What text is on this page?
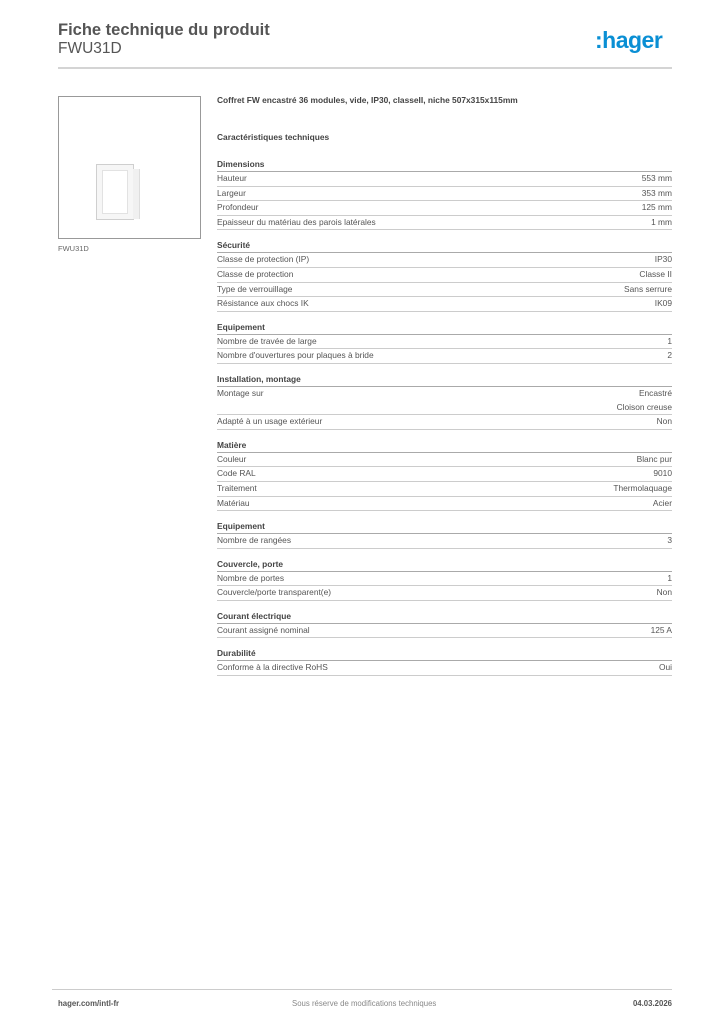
Fiche technique du produit
FWU31D	:hager
FWU31D
Coffret FW encastré 36 modules, vide, IP30, classeII, niche 507x315x115mm
Caractéristiques techniques
Dimensions
Hauteur	553 mm
Largeur	353 mm
Profondeur	125 mm
Epaisseur du matériau des parois latérales	1 mm
Sécurité
Classe de protection (IP)	IP30
Classe de protection	Classe II
Type de verrouillage	Sans serrure
Résistance aux chocs IK	IK09
Equipement
Nombre de travée de large	1
Nombre d'ouvertures pour plaques à bride	2
Installation, montage
Montage sur	Encastré
Cloison creuse
Adapté à un usage extérieur	Non
Matière
Couleur	Blanc pur
Code RAL	9010
Traitement	Thermolaquage
Matériau	Acier
Equipement
Nombre de rangées	3
Couvercle, porte
Nombre de portes	1
Couvercle/porte transparent(e)	Non
Courant électrique
Courant assigné nominal	125 A
Durabilité
Conforme à la directive RoHS	Oui
hager.com/intl-fr	Sous réserve de modifications techniques	04.03.2026
